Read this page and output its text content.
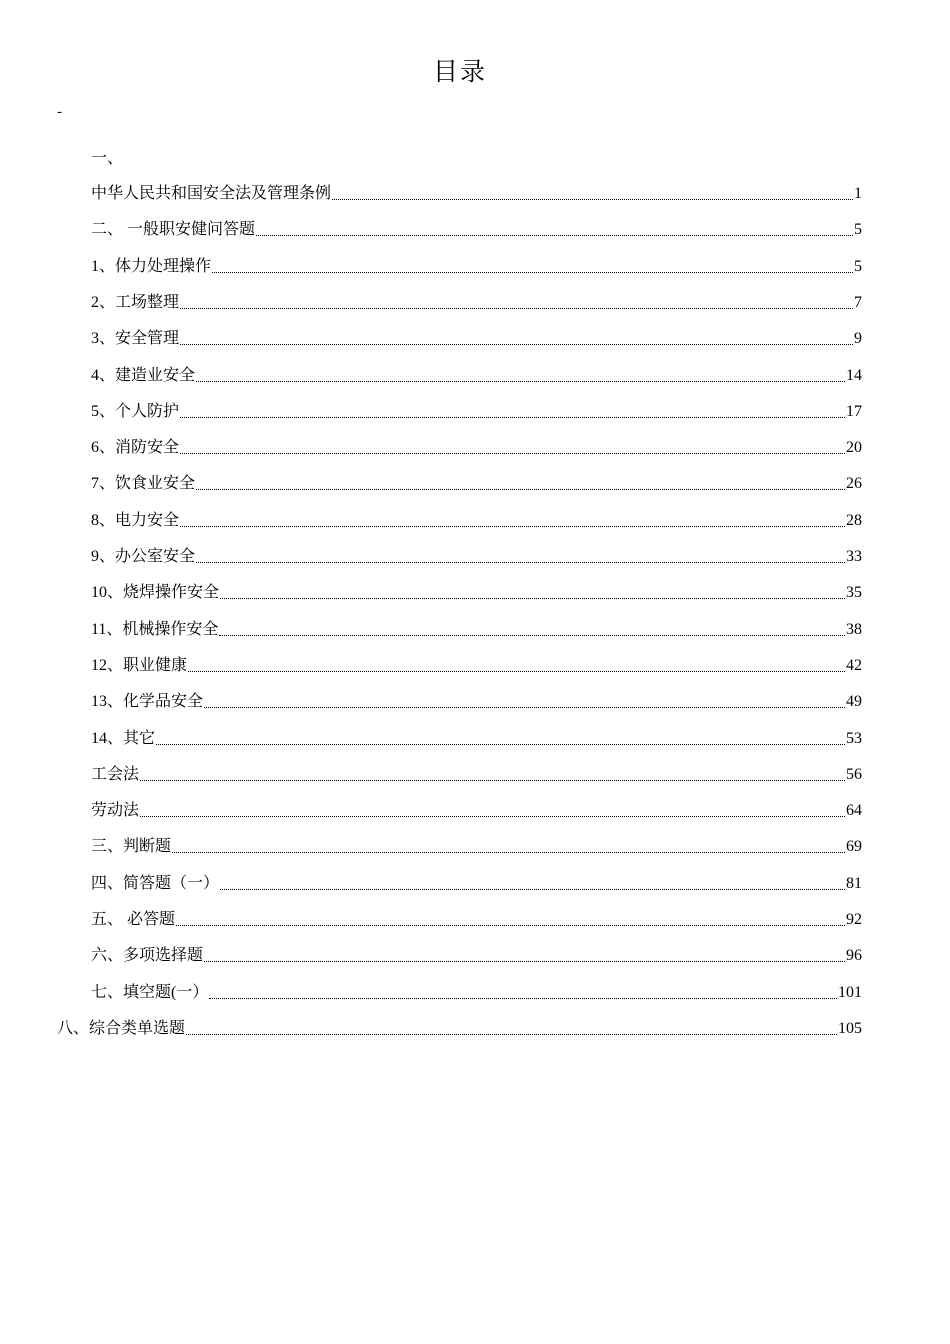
目录
-
一、
中华人民共和国安全法及管理条例	1
二、 一般职安健问答题	5
1、体力处理操作	5
2、工场整理	7
3、安全管理	9
4、建造业安全	14
5、个人防护	17
6、消防安全	20
7、饮食业安全	26
8、电力安全	28
9、办公室安全	33
10、烧焊操作安全	35
11、机械操作安全	38
12、职业健康	42
13、化学品安全	49
14、其它	53
工会法	56
劳动法	64
三、判断题	69
四、简答题（一）	81
五、 必答题	92
六、多项选择题	96
七、填空题(一）	101
八、综合类单选题	105
